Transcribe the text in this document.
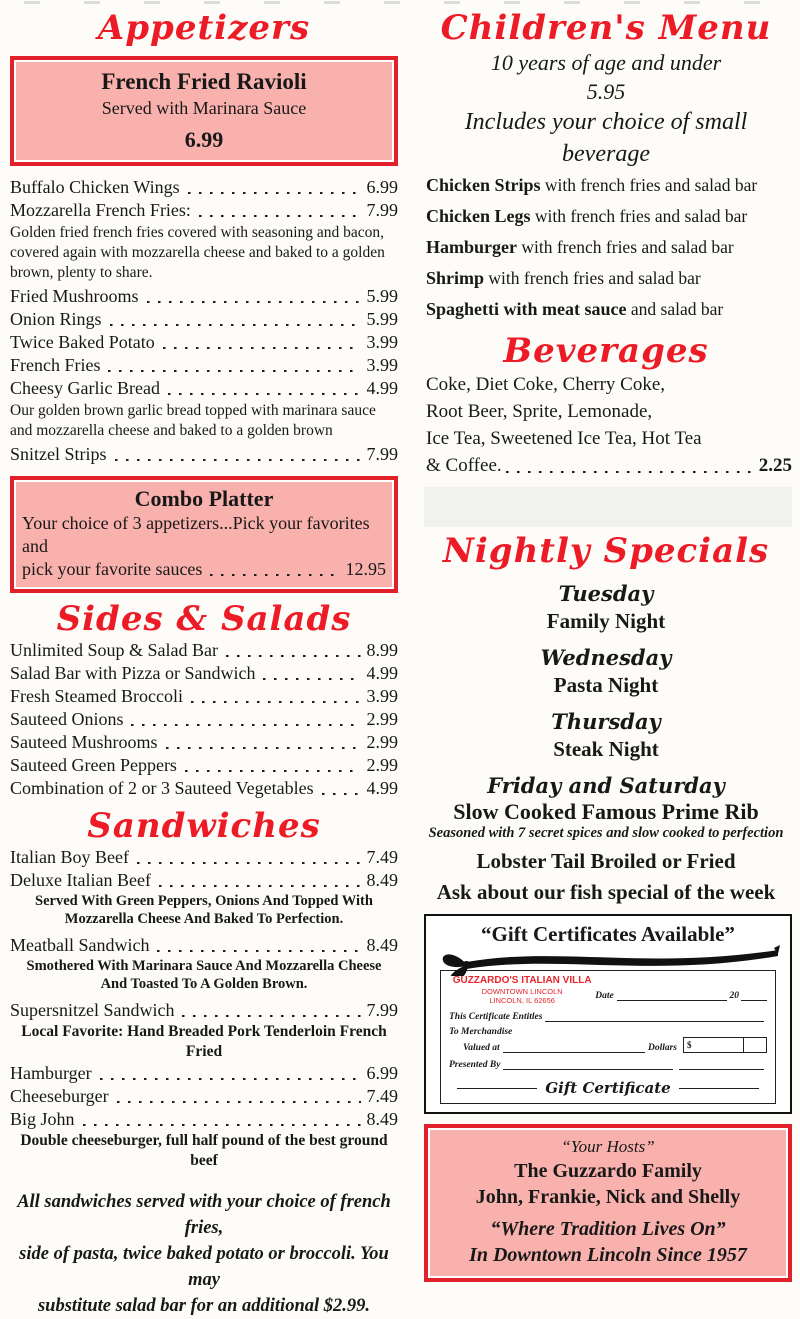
Appetizers
French Fried Ravioli
Served with Marinara Sauce
6.99
Buffalo Chicken Wings	6.99
Mozzarella French Fries:	7.99
Golden fried french fries covered with seasoning and bacon, covered again with mozzarella cheese and baked to a golden brown, plenty to share.
Fried Mushrooms	5.99
Onion Rings	5.99
Twice Baked Potato	3.99
French Fries	3.99
Cheesy Garlic Bread	4.99
Our golden brown garlic bread topped with marinara sauce and mozzarella cheese and baked to a golden brown
Snitzel Strips	7.99
Combo Platter
Your choice of 3 appetizers...Pick your favorites and
pick your favorite sauces	12.95
Sides & Salads
Unlimited Soup & Salad Bar	8.99
Salad Bar with Pizza or Sandwich	4.99
Fresh Steamed Broccoli	3.99
Sauteed Onions	2.99
Sauteed Mushrooms	2.99
Sauteed Green Peppers	2.99
Combination of 2 or 3 Sauteed Vegetables	4.99
Sandwiches
Italian Boy Beef	7.49
Deluxe Italian Beef	8.49
Served With Green Peppers, Onions And Topped With
Mozzarella Cheese And Baked To Perfection.
Meatball Sandwich	8.49
Smothered With Marinara Sauce And Mozzarella Cheese
And Toasted To A Golden Brown.
Supersnitzel Sandwich	7.99
Local Favorite: Hand Breaded Pork Tenderloin French Fried
Hamburger	6.99
Cheeseburger	7.49
Big John	8.49
Double cheeseburger, full half pound of the best ground beef
All sandwiches served with your choice of french fries,
side of pasta, twice baked potato or broccoli. You may
substitute salad bar for an additional $2.99.
Children's Menu
10 years of age and under
5.95
Includes your choice of small beverage
Chicken Strips with french fries and salad bar
Chicken Legs with french fries and salad bar
Hamburger with french fries and salad bar
Shrimp with french fries and salad bar
Spaghetti with meat sauce and salad bar
Beverages
Coke, Diet Coke, Cherry Coke,
Root Beer, Sprite, Lemonade,
Ice Tea, Sweetened Ice Tea, Hot Tea
& Coffee.	2.25
Nightly Specials
Tuesday
Family Night
Wednesday
Pasta Night
Thursday
Steak Night
Friday and Saturday
Slow Cooked Famous Prime Rib
Seasoned with 7 secret spices and slow cooked to perfection
Lobster Tail Broiled or Fried
Ask about our fish special of the week
“Gift Certificates Available”
GUZZARDO'S ITALIAN VILLA
DOWNTOWN LINCOLN
LINCOLN, IL 62656	Date	20
This Certificate Entitles
To Merchandise
Valued at	Dollars	$
Presented By
Gift Certificate
“Your Hosts”
The Guzzardo Family
John, Frankie, Nick and Shelly
“Where Tradition Lives On”
In Downtown Lincoln Since 1957
